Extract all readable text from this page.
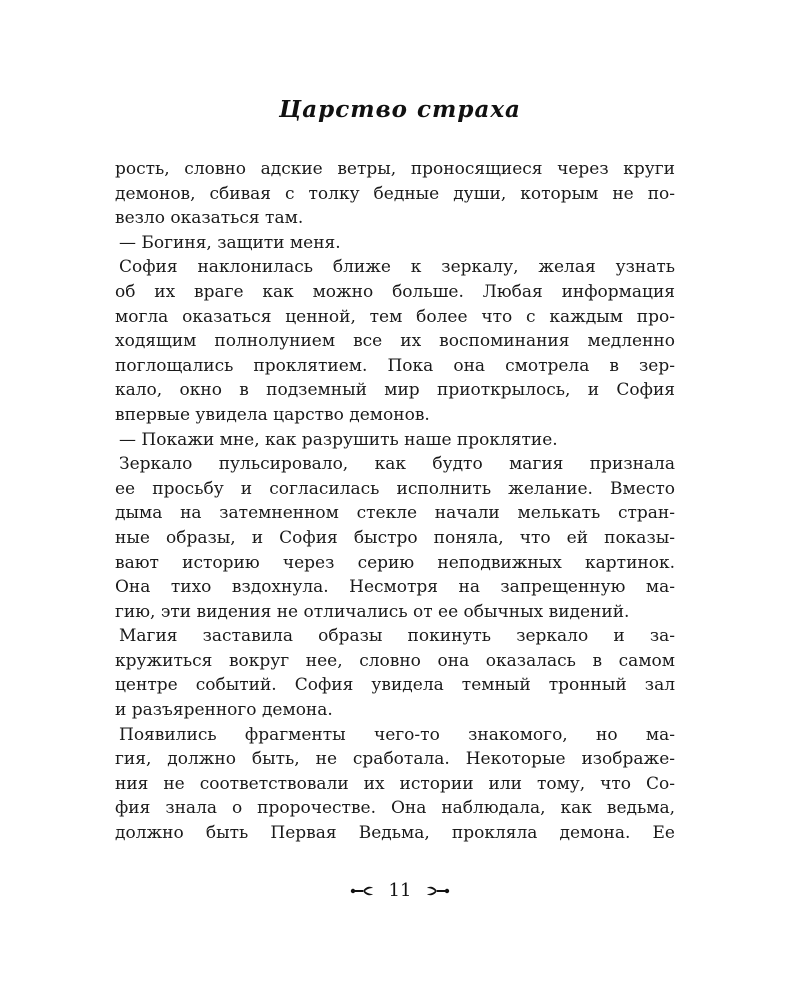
Царство страха
рость, словно адские ветры, проносящиеся через круги
демонов, сбивая с толку бедные души, которым не по-
везло оказаться там.
— Богиня, защити меня.
София наклонилась ближе к зеркалу, желая узнать
об их враге как можно больше. Любая информация
могла оказаться ценной, тем более что с каждым про-
ходящим полнолунием все их воспоминания медленно
поглощались проклятием. Пока она смотрела в зер-
кало, окно в подземный мир приоткрылось, и София
впервые увидела царство демонов.
— Покажи мне, как разрушить наше проклятие.
Зеркало пульсировало, как будто магия признала
ее просьбу и согласилась исполнить желание. Вместо
дыма на затемненном стекле начали мелькать стран-
ные образы, и София быстро поняла, что ей показы-
вают историю через серию неподвижных картинок.
Она тихо вздохнула. Несмотря на запрещенную ма-
гию, эти видения не отличались от ее обычных видений.
Магия заставила образы покинуть зеркало и за-
кружиться вокруг нее, словно она оказалась в самом
центре событий. София увидела темный тронный зал
и разъяренного демона.
Появились фрагменты чего-то знакомого, но ма-
гия, должно быть, не сработала. Некоторые изображе-
ния не соответствовали их истории или тому, что Со-
фия знала о пророчестве. Она наблюдала, как ведьма,
должно быть Первая Ведьма, прокляла демона. Ее
11
